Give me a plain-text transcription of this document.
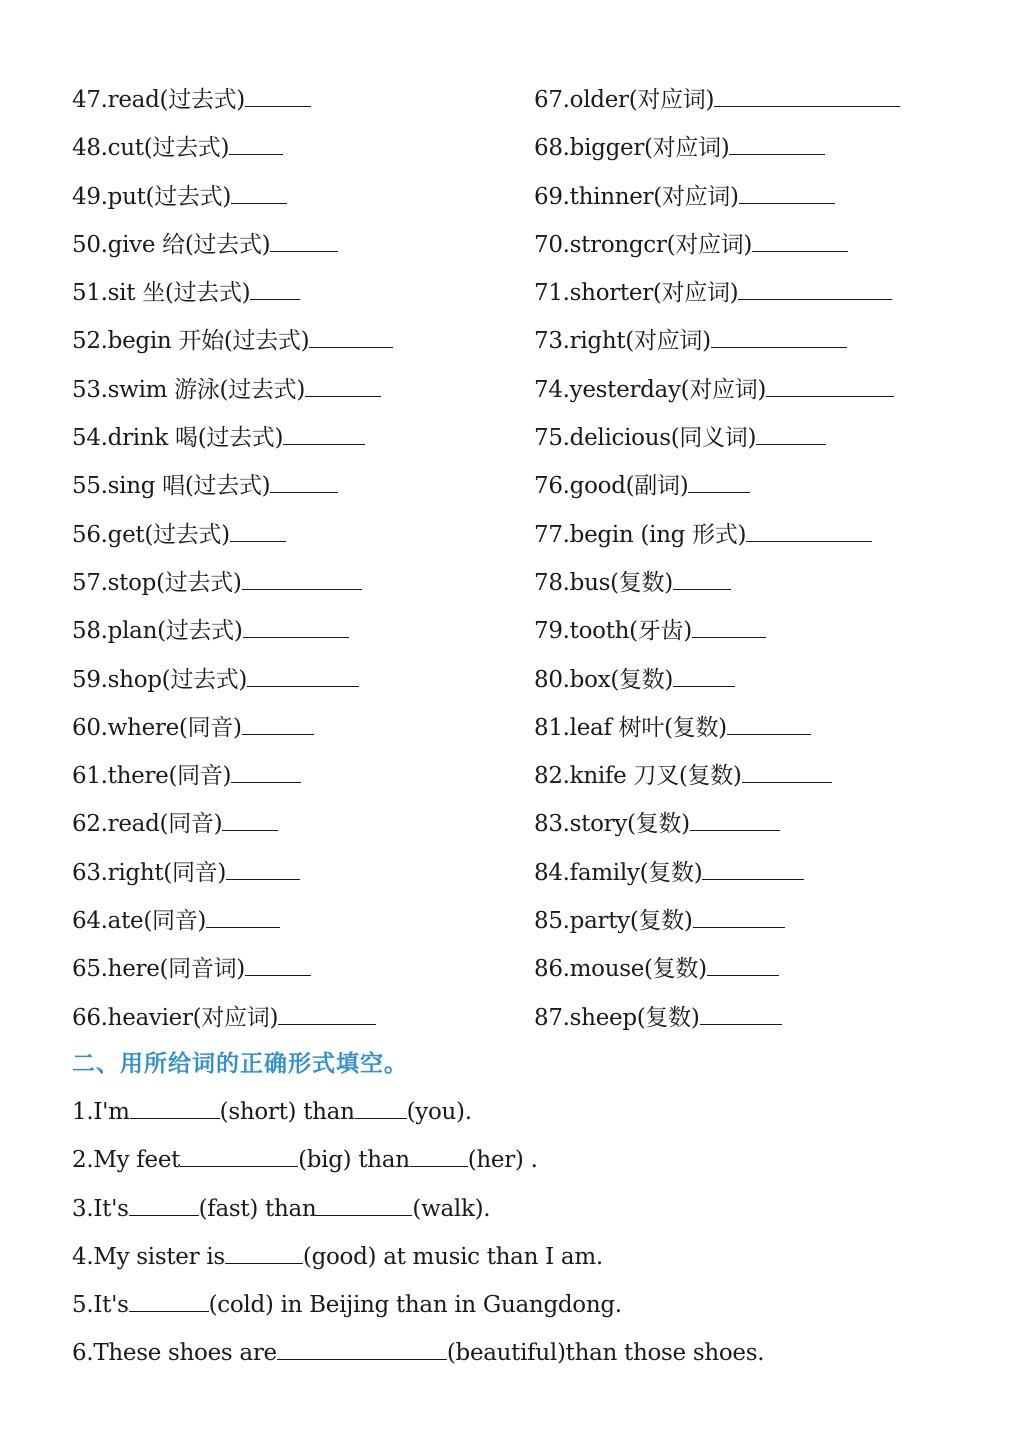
47.read(过去式)
48.cut(过去式)
49.put(过去式)
50.give 给(过去式)
51.sit 坐(过去式)
52.begin 开始(过去式)
53.swim 游泳(过去式)
54.drink 喝(过去式)
55.sing 唱(过去式)
56.get(过去式)
57.stop(过去式)
58.plan(过去式)
59.shop(过去式)
60.where(同音)
61.there(同音)
62.read(同音)
63.right(同音)
64.ate(同音)
65.here(同音词)
66.heavier(对应词)
67.older(对应词)
68.bigger(对应词)
69.thinner(对应词)
70.strongcr(对应词)
71.shorter(对应词)
73.right(对应词)
74.yesterday(对应词)
75.delicious(同义词)
76.good(副词)
77.begin (ing 形式)
78.bus(复数)
79.tooth(牙齿)
80.box(复数)
81.leaf 树叶(复数)
82.knife 刀叉(复数)
83.story(复数)
84.family(复数)
85.party(复数)
86.mouse(复数)
87.sheep(复数)
二、用所给词的正确形式填空。
1.I'm	(short) than (you).
2.My feet	(big) than	(her) .
3.It's	(fast) than	(walk).
4.My sister is	(good) at music than I am.
5.It's	(cold) in Beijing than in Guangdong.
6.These shoes are	(beautiful)than those shoes.
